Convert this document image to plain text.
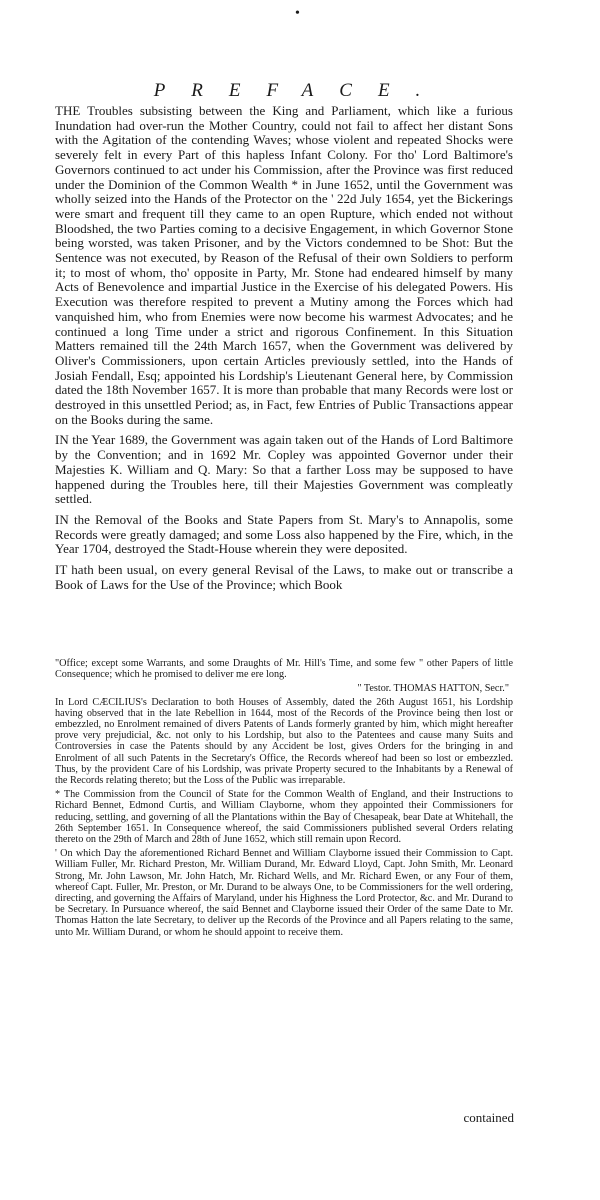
•
PREFACE.

THE Troubles subsisting between the King and Parliament, which like a furious Inundation had over-run the Mother Country, could not fail to affect her distant Sons with the Agitation of the contending Waves; whose violent and repeated Shocks were severely felt in every Part of this hapless Infant Colony. For tho' Lord Baltimore's Governors continued to act under his Commission, after the Province was first reduced under the Dominion of the Common Wealth * in June 1652, until the Government was wholly seized into the Hands of the Protector on the ' 22d July 1654, yet the Bickerings were smart and frequent till they came to an open Rupture, which ended not without Bloodshed, the two Parties coming to a decisive Engagement, in which Governor Stone being worsted, was taken Prisoner, and by the Victors condemned to be Shot: But the Sentence was not executed, by Reason of the Refusal of their own Soldiers to perform it; to most of whom, tho' opposite in Party, Mr. Stone had endeared himself by many Acts of Benevolence and impartial Justice in the Exercise of his delegated Powers. His Execution was therefore respited to prevent a Mutiny among the Forces which had vanquished him, who from Enemies were now become his warmest Advocates; and he continued a long Time under a strict and rigorous Confinement. In this Situation Matters remained till the 24th March 1657, when the Government was delivered by Oliver's Commissioners, upon certain Articles previously settled, into the Hands of Josiah Fendall, Esq; appointed his Lordship's Lieutenant General here, by Commission dated the 18th November 1657. It is more than probable that many Records were lost or destroyed in this unsettled Period; as, in Fact, few Entries of Public Transactions appear on the Books during the same.

IN the Year 1689, the Government was again taken out of the Hands of Lord Baltimore by the Convention; and in 1692 Mr. Copley was appointed Governor under their Majesties K. William and Q. Mary: So that a farther Loss may be supposed to have happened during the Troubles here, till their Majesties Government was compleatly settled.

IN the Removal of the Books and State Papers from St. Mary's to Annapolis, some Records were greatly damaged; and some Loss also happened by the Fire, which, in the Year 1704, destroyed the Stadt-House wherein they were deposited.

IT hath been usual, on every general Revisal of the Laws, to make out or transcribe a Book of Laws for the Use of the Province; which Book

"Office; except some Warrants, and some Draughts of Mr. Hill's Time, and some few " other Papers of little Consequence; which he promised to deliver me ere long.

" Testor. THOMAS HATTON, Secr."

In Lord CÆCILIUS's Declaration to both Houses of Assembly, dated the 26th August 1651, his Lordship having observed that in the late Rebellion in 1644, most of the Records of the Province being then lost or embezzled, no Enrolment remained of divers Patents of Lands formerly granted by him, which might hereafter prove very prejudicial, &c. not only to his Lordship, but also to the Patentees and cause many Suits and Controversies in case the Patents should by any Accident be lost, gives Orders for the bringing in and Enrolment of all such Patents in the Secretary's Office, the Records whereof had been so lost or embezzled. Thus, by the provident Care of his Lordship, was private Property secured to the Inhabitants by a Renewal of the Records relating thereto; but the Loss of the Public was irreparable.

* The Commission from the Council of State for the Common Wealth of England, and their Instructions to Richard Bennet, Edmond Curtis, and William Clayborne, whom they appointed their Commissioners for reducing, settling, and governing of all the Plantations within the Bay of Chesapeak, bear Date at Whitehall, the 26th September 1651. In Consequence whereof, the said Commissioners published several Orders relating thereto on the 29th of March and 28th of June 1652, which still remain upon Record.

' On which Day the aforementioned Richard Bennet and William Clayborne issued their Commission to Capt. William Fuller, Mr. Richard Preston, Mr. William Durand, Mr. Edward Lloyd, Capt. John Smith, Mr. Leonard Strong, Mr. John Lawson, Mr. John Hatch, Mr. Richard Wells, and Mr. Richard Ewen, or any Four of them, whereof Capt. Fuller, Mr. Preston, or Mr. Durand to be always One, to be Commissioners for the well ordering, directing, and governing the Affairs of Maryland, under his Highness the Lord Protector, &c. and Mr. Durand to be Secretary. In Pursuance whereof, the said Bennet and Clayborne issued their Order of the same Date to Mr. Thomas Hatton the late Secretary, to deliver up the Records of the Province and all Papers relating to the same, unto Mr. William Durand, or whom he should appoint to receive them.

contained
